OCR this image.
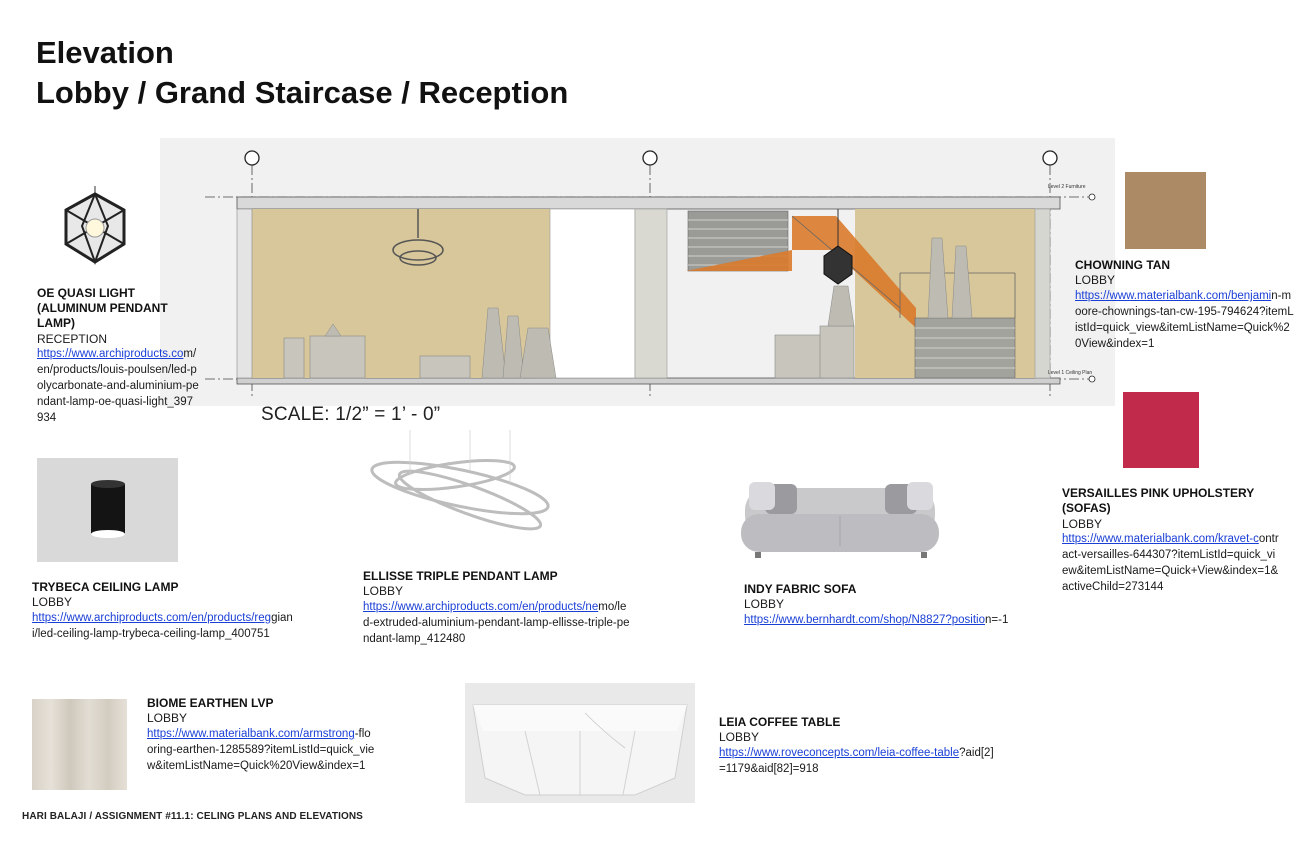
Elevation
Lobby / Grand Staircase / Reception
Level 2 Furniture
Level 1 Ceiling Plan
SCALE: 1/2” = 1’ - 0”
OE QUASI LIGHT (ALUMINUM PENDANT LAMP)
RECEPTION
https://www.archiproducts.com/en/products/louis-poulsen/led-polycarbonate-and-aluminium-pendant-lamp-oe-quasi-light_397934
CHOWNING TAN
LOBBY
https://www.materialbank.com/benjamin-moore-chownings-tan-cw-195-794624?itemListId=quick_view&itemListName=Quick%20View&index=1
VERSAILLES PINK UPHOLSTERY (SOFAS)
LOBBY
https://www.materialbank.com/kravet-contract-versailles-644307?itemListId=quick_view&itemListName=Quick+View&index=1&activeChild=273144
TRYBECA CEILING LAMP
LOBBY
https://www.archiproducts.com/en/products/reggiani/led-ceiling-lamp-trybeca-ceiling-lamp_400751
ELLISSE TRIPLE PENDANT LAMP
LOBBY
https://www.archiproducts.com/en/products/nemo/led-extruded-aluminium-pendant-lamp-ellisse-triple-pendant-lamp_412480
INDY FABRIC SOFA
LOBBY
https://www.bernhardt.com/shop/N8827?position=-1
BIOME EARTHEN LVP
LOBBY
https://www.materialbank.com/armstrong-flooring-earthen-1285589?itemListId=quick_view&itemListName=Quick%20View&index=1
LEIA COFFEE TABLE
LOBBY
https://www.roveconcepts.com/leia-coffee-table?aid[2]=1179&aid[82]=918
HARI BALAJI / ASSIGNMENT #11.1: CELING PLANS AND ELEVATIONS
